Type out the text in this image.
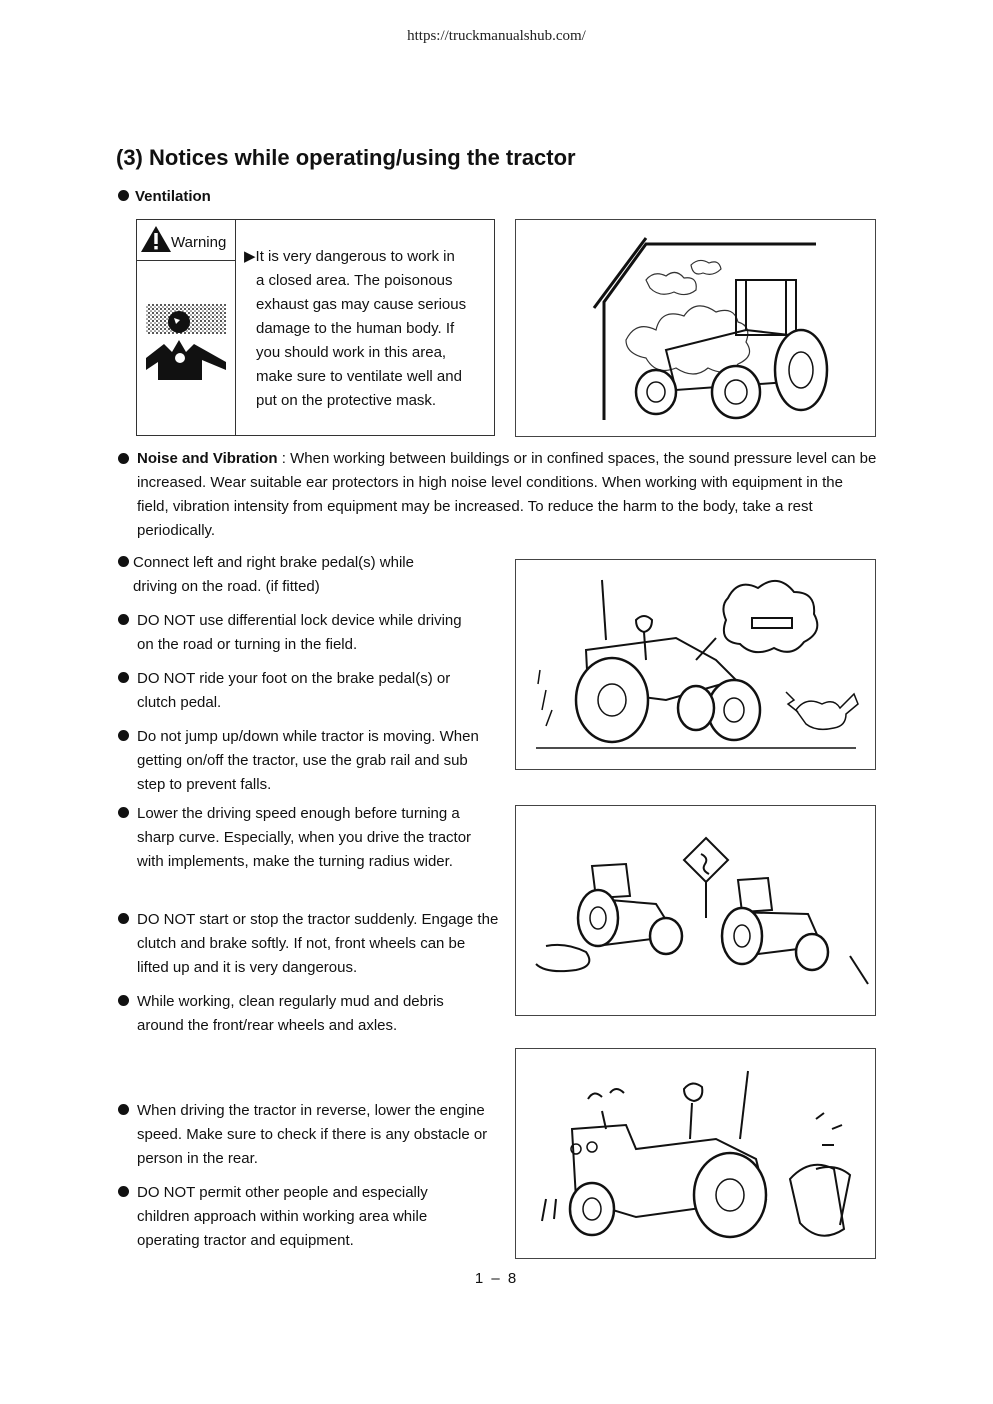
https://truckmanualshub.com/
(3) Notices while operating/using the tractor
Ventilation
Warning
▶It is very dangerous to work in
a closed area. The poisonous
exhaust gas may cause serious
damage to the human body. If
you should work in this area,
make sure to ventilate well and
put on the protective mask.
Noise and Vibration : When working between buildings or in confined spaces, the sound pressure level can be increased. Wear suitable ear protectors in high noise level conditions. When working with equipment in the field, vibration intensity from equipment may be increased. To reduce the harm to the body, take a rest periodically.
Connect left and right brake pedal(s) while driving on the road. (if fitted)
DO NOT use differential lock device while driving on the road or turning in the field.
DO NOT ride your foot on the brake pedal(s) or clutch pedal.
Do not jump up/down while tractor is moving. When getting on/off the tractor, use the grab rail and sub step to prevent falls.
Lower the driving speed enough before turning a sharp curve. Especially, when you drive the tractor with implements, make the turning radius wider.
DO NOT start or stop the tractor suddenly. Engage the clutch and brake softly. If not, front wheels can be lifted up and it is very dangerous.
While working, clean regularly mud and debris around the front/rear wheels and axles.
When driving the tractor in reverse, lower the engine speed. Make sure to check if there is any obstacle or person in the rear.
DO NOT permit other people and especially children approach within working area while operating tractor and equipment.
1 – 8
